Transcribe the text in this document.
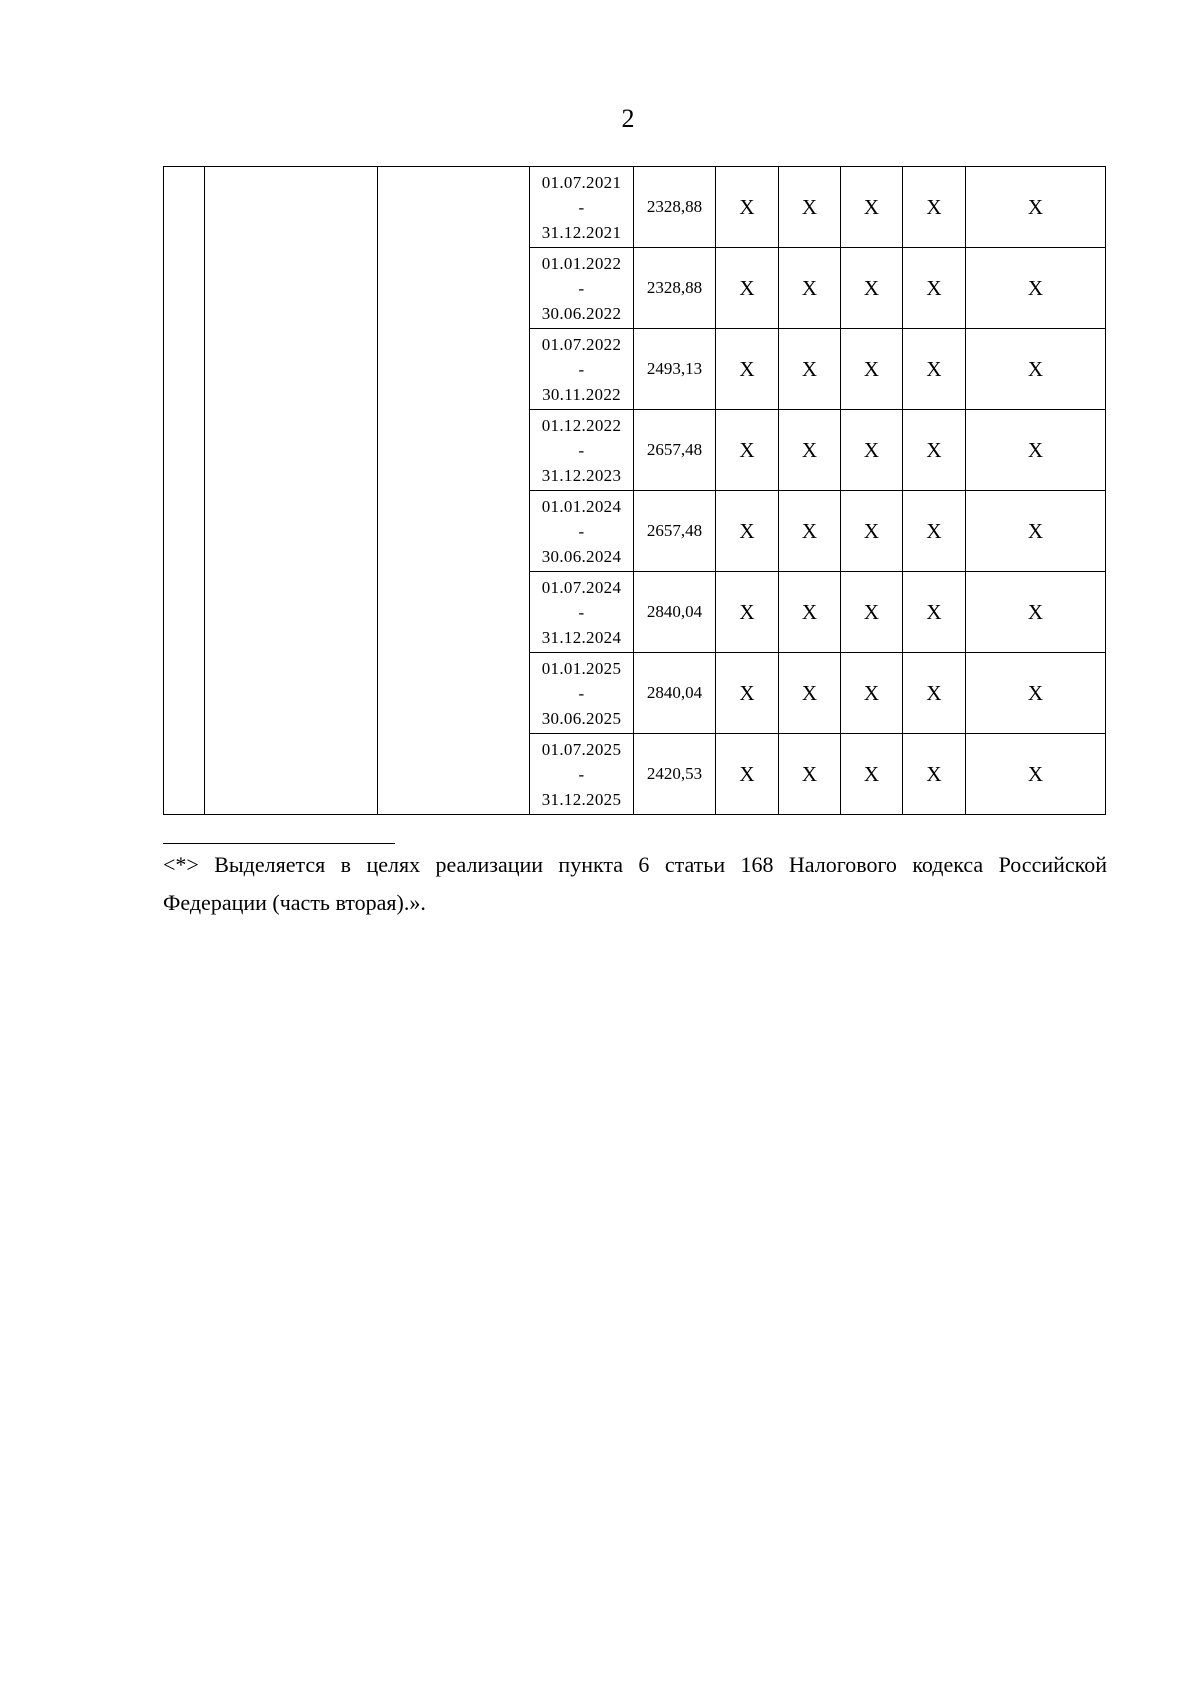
2

			01.07.2021
-
31.12.2021	2328,88	X	X	X	X	X

			01.01.2022
-
30.06.2022	2328,88	X	X	X	X	X

			01.07.2022
-
30.11.2022	2493,13	X	X	X	X	X

			01.12.2022
-
31.12.2023	2657,48	X	X	X	X	X

			01.01.2024
-
30.06.2024	2657,48	X	X	X	X	X

			01.07.2024
-
31.12.2024	2840,04	X	X	X	X	X

			01.01.2025
-
30.06.2025	2840,04	X	X	X	X	X

			01.07.2025
-
31.12.2025	2420,53	X	X	X	X	X
<*> Выделяется в целях реализации пункта 6 статьи 168 Налогового кодекса Российской Федерации (часть вторая).».
